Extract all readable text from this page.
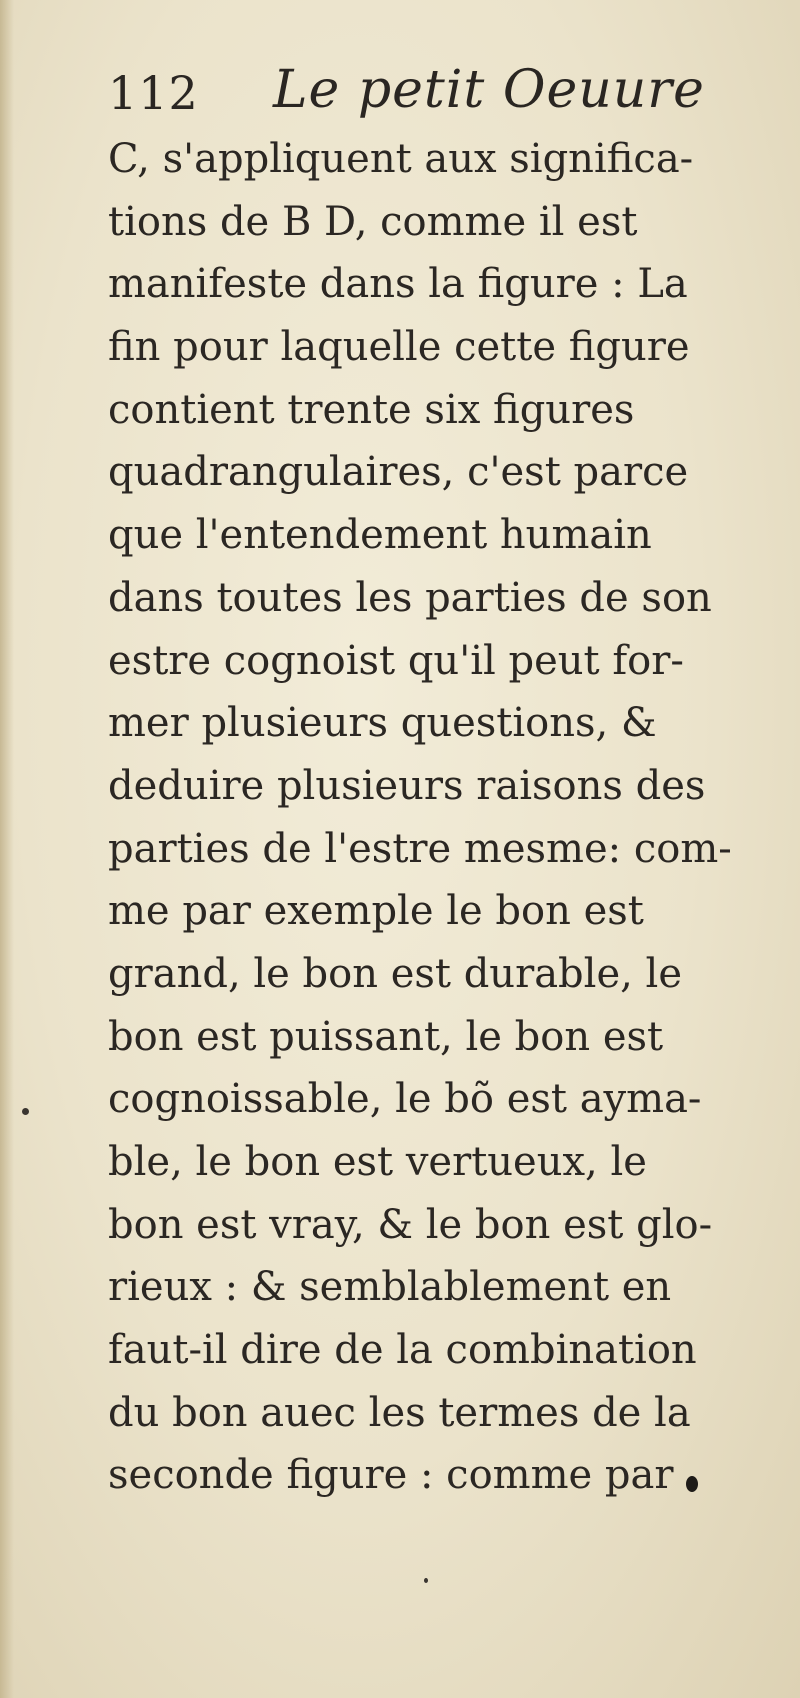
112 Le petit Oeuure
C, s'appliquent aux significa-
tions de B D, comme il est
manifeste dans la figure : La
fin pour laquelle cette figure
contient trente six figures
quadrangulaires, c'est parce
que l'entendement humain
dans toutes les parties de son
estre cognoist qu'il peut for-
mer plusieurs questions, &
deduire plusieurs raisons des
parties de l'estre mesme: com-
me par exemple le bon est
grand, le bon est durable, le
bon est puissant, le bon est
cognoissable, le bõ est ayma-
ble, le bon est vertueux, le
bon est vray, & le bon est glo-
rieux : & semblablement en
faut-il dire de la combination
du bon auec les termes de la
seconde figure : comme par
